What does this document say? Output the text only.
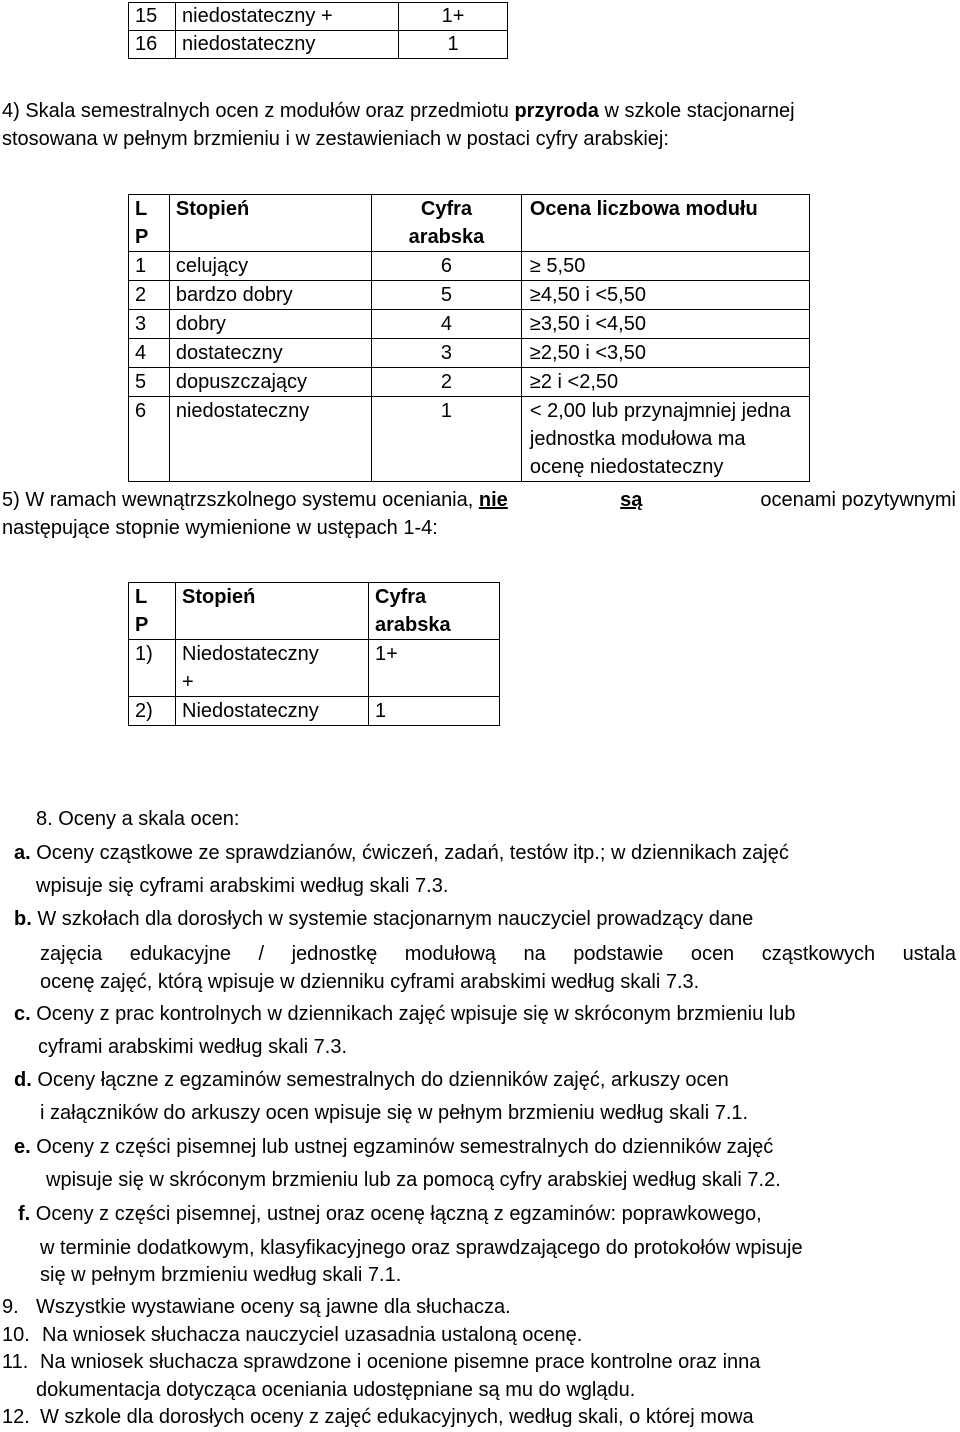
15	niedostateczny +	1+
16	niedostateczny	1
4) Skala semestralnych ocen z modułów oraz przedmiotu przyroda w szkole stacjonarnej
stosowana w pełnym brzmieniu i w zestawieniach w postaci cyfry arabskiej:
L P	Stopień	Cyfra arabska	Ocena liczbowa modułu
1	celujący	6	≥ 5,50
2	bardzo dobry	5	≥4,50 i <5,50
3	dobry	4	≥3,50 i <4,50
4	dostateczny	3	≥2,50 i <3,50
5	dopuszczający	2	≥2 i <2,50
6	niedostateczny	1	< 2,00 lub przynajmniej jedna jednostka modułowa ma ocenę niedostateczny
5) W ramach wewnątrzszkolnego systemu oceniania, nie	są	ocenami pozytywnymi
następujące stopnie wymienione w ustępach 1-4:
L P	Stopień	Cyfra arabska

1)	Niedostateczny +	1+
2)	Niedostateczny	1
8. Oceny a skala ocen:
a. Oceny cząstkowe ze sprawdzianów, ćwiczeń, zadań, testów itp.; w dziennikach zajęć
wpisuje się cyframi arabskimi według skali 7.3.
b. W szkołach dla dorosłych w systemie stacjonarnym nauczyciel prowadzący dane
zajęcia edukacyjne / jednostkę modułową na podstawie ocen cząstkowych ustala
ocenę zajęć, którą wpisuje w dzienniku cyframi arabskimi według skali 7.3.
c. Oceny z prac kontrolnych w dziennikach zajęć wpisuje się w skróconym brzmieniu lub
cyframi arabskimi według skali 7.3.
d. Oceny łączne z egzaminów semestralnych do dzienników zajęć, arkuszy ocen
i załączników do arkuszy ocen wpisuje się w pełnym brzmieniu według skali 7.1.
e. Oceny z części pisemnej lub ustnej egzaminów semestralnych do dzienników zajęć
wpisuje się w skróconym brzmieniu lub za pomocą cyfry arabskiej według skali 7.2.
f. Oceny z części pisemnej, ustnej oraz ocenę łączną z egzaminów: poprawkowego,
w terminie dodatkowym, klasyfikacyjnego oraz sprawdzającego do protokołów wpisuje
się w pełnym brzmieniu według skali 7.1.
9. Wszystkie wystawiane oceny są jawne dla słuchacza.
10. Na wniosek słuchacza nauczyciel uzasadnia ustaloną ocenę.
11. Na wniosek słuchacza sprawdzone i ocenione pisemne prace kontrolne oraz inna
dokumentacja dotycząca oceniania udostępniane są mu do wglądu.
12. W szkole dla dorosłych oceny z zajęć edukacyjnych, według skali, o której mowa
